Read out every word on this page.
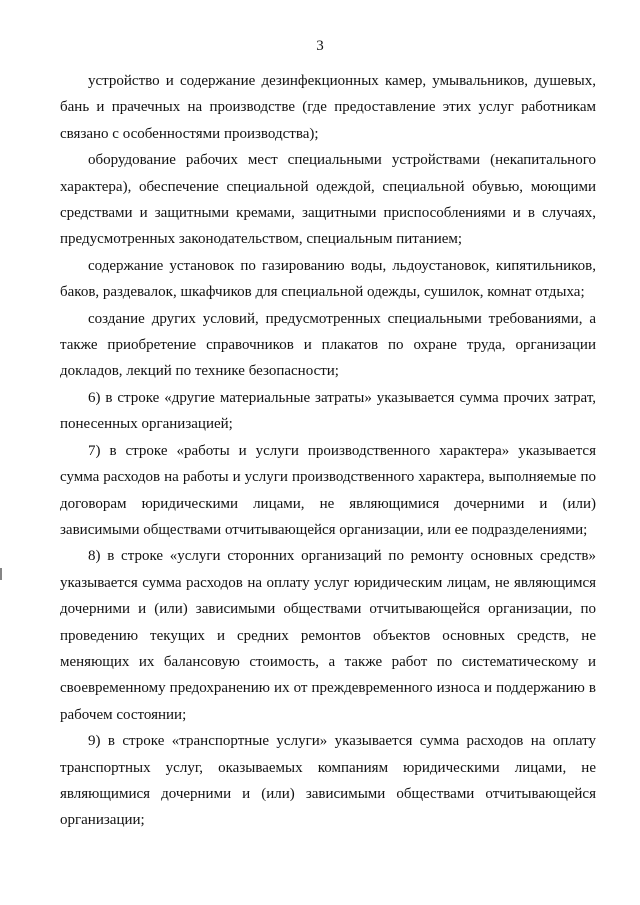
3

устройство и содержание дезинфекционных камер, умывальников, душевых, бань и прачечных на производстве (где предоставление этих услуг работникам связано с особенностями производства);

оборудование рабочих мест специальными устройствами (некапитального характера), обеспечение специальной одеждой, специальной обувью, моющими средствами и защитными кремами, защитными приспособлениями и в случаях, предусмотренных законодательством, специальным питанием;

содержание установок по газированию воды, льдоустановок, кипятильников, баков, раздевалок, шкафчиков для специальной одежды, сушилок, комнат отдыха;

создание других условий, предусмотренных специальными требованиями, а также приобретение справочников и плакатов по охране труда, организации докладов, лекций по технике безопасности;

6) в строке «другие материальные затраты» указывается сумма прочих затрат, понесенных организацией;

7) в строке «работы и услуги производственного характера» указывается сумма расходов на работы и услуги производственного характера, выполняемые по договорам юридическими лицами, не являющимися дочерними и (или) зависимыми обществами отчитывающейся организации, или ее подразделениями;

8) в строке «услуги сторонних организаций по ремонту основных средств» указывается сумма расходов на оплату услуг юридическим лицам, не являющимся дочерними и (или) зависимыми обществами отчитывающейся организации, по проведению текущих и средних ремонтов объектов основных средств, не меняющих их балансовую стоимость, а также работ по систематическому и своевременному предохранению их от преждевременного износа и поддержанию в рабочем состоянии;

9) в строке «транспортные услуги» указывается сумма расходов на оплату транспортных услуг, оказываемых компаниям юридическими лицами, не являющимися дочерними и (или) зависимыми обществами отчитывающейся организации;
